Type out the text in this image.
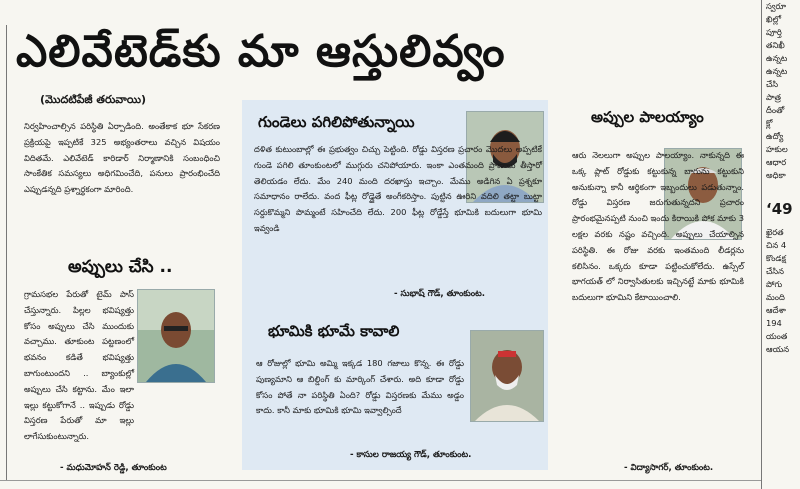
ఎలివేటెడ్‌కు మా ఆస్తులివ్వం
(మొదటిపేజీ తరువాయి)
నిర్వహించాల్సిన పరిస్థితి ఏర్పాడింది. అంతేకాక భూ సేకరణ ప్రక్రియపై ఇప్పటికే 325 అభ్యంతరాలు వచ్చిన విషయం విదితమే. ఎలివేటెడ్ కారిడార్ నిర్మాణానికి సంబంధించి సాంకేతిక సమస్యలు అధిగమించేది, పనులు ప్రారంభించేది ఎప్పుడన్నది ప్రశ్నార్థకంగా మారింది.
అప్పులు చేసి ..
గ్రామసభల పేరుతో టైమ్ పాస్ చేస్తున్నారు. పిల్లల భవిష్యత్తు కోసం అప్పులు చేసి ముందుకు వచ్చాము. తూకుంట పట్టణంలో భవనం కడితే భవిష్యత్తు బాగుంటుందని .. బ్యాంకుల్లో అప్పులు చేసి కట్టాను. మేం ఇలా ఇల్లు కట్టుకోగానే .. ఇప్పుడు రోడ్డు విస్తరణ పేరుతో మా ఇల్లు లాగేసుకుంటున్నారు.
- మధుమోహన్ రెడ్డి, తూంకుంట
గుండెలు పగిలిపోతున్నాయి
దళిత కుటుంబాల్లో ఈ ప్రభుత్వం చిచ్చు పెట్టింది. రోడ్డు విస్తరణ ప్రచారం మొదలు అప్పటికే గుండె పగిలి తూంకుంటలో ముగ్గురు చనిపోయారు. ఇంకా ఎంతమంది ప్రాణాలు తీస్తారో తెలియడం లేదు. మేం 240 మంది దరఖాస్తు ఇచ్చాం. మేము అడిగిన ఏ ప్రశ్నకూ సమాధానం రాలేదు. వంద ఫీట్ల రోడ్డైతే అంగీకరిస్తాం. పుట్టిన ఊరిని వదిలి తట్టా బుట్టా సర్దుకొమ్మని పొమ్మంటే సహించేది లేదు. 200 ఫీట్ల రోడ్డేస్తే భూమికి బదులుగా భూమి ఇవ్వండి
- సుభాష్ గౌడ్, తూంకుంట.
భూమికి భూమే కావాలి
ఆ రోజుల్లో భూమి అమ్మి ఇక్కడ 180 గజాలు కొన్న. ఈ రోడ్డు పుణ్యమాని ఆ బిల్డింగ్ కు మార్కింగ్ చేశారు. అది కూడా రోడ్డు కోసం పోతే నా పరిస్థితి ఏంది? రోడ్డు విస్తరణకు మేము అడ్డం కాదు. కానీ మాకు భూమికి భూమి ఇవ్వాల్సిందే
- కాసుల రాజయ్య గౌడ్, తూంకుంట.
అప్పుల పాలయ్యాం
ఆరు నెలలుగా అప్పుల పాలయ్యాం. నాకున్నది ఈ ఒక్క ప్లాట్ రోడ్డుకు కట్టుకున్న బాగును కట్టుకుని అనుకున్నా కానీ ఆర్థికంగా ఇబ్బందులు పడుతున్నాం. రోడ్డు విస్తరణ జరుగుతున్నదని ప్రచారం ప్రారంభమైనప్పటి నుంచి ఇందు కిరాయికి పోక మాకు 3 లక్షల వరకు నష్టం వచ్చింది. అప్పులు చేయాల్సిన పరిస్థితి. ఈ రోజు వరకు ఇంతమంది లీడర్లను కలిసినం. ఒక్కరు కూడా పట్టించుకోలేదు. ఉస్సేల్ భాగయత్ లో నిర్వాసితులకు ఇచ్చినట్టే మాకు భూమికి బదులుగా భూమిని కేటాయించాలి.
- విద్యాసాగర్, తూంకుంట.
స్వరూ
ఖిల్లో
పూర్తి
తనిఖీ
ఉన్నట
ఉన్నట
చేసి
పాత్ర
దీంతో
క్లో
ఉద్యో
హకుల
ఆధార
అధికా
‘49
ఖైరత
చిన 4
కొండక్ష
చేసిన
పోగు
మంది
ఆదేశా
194
యంత
ఆయన
